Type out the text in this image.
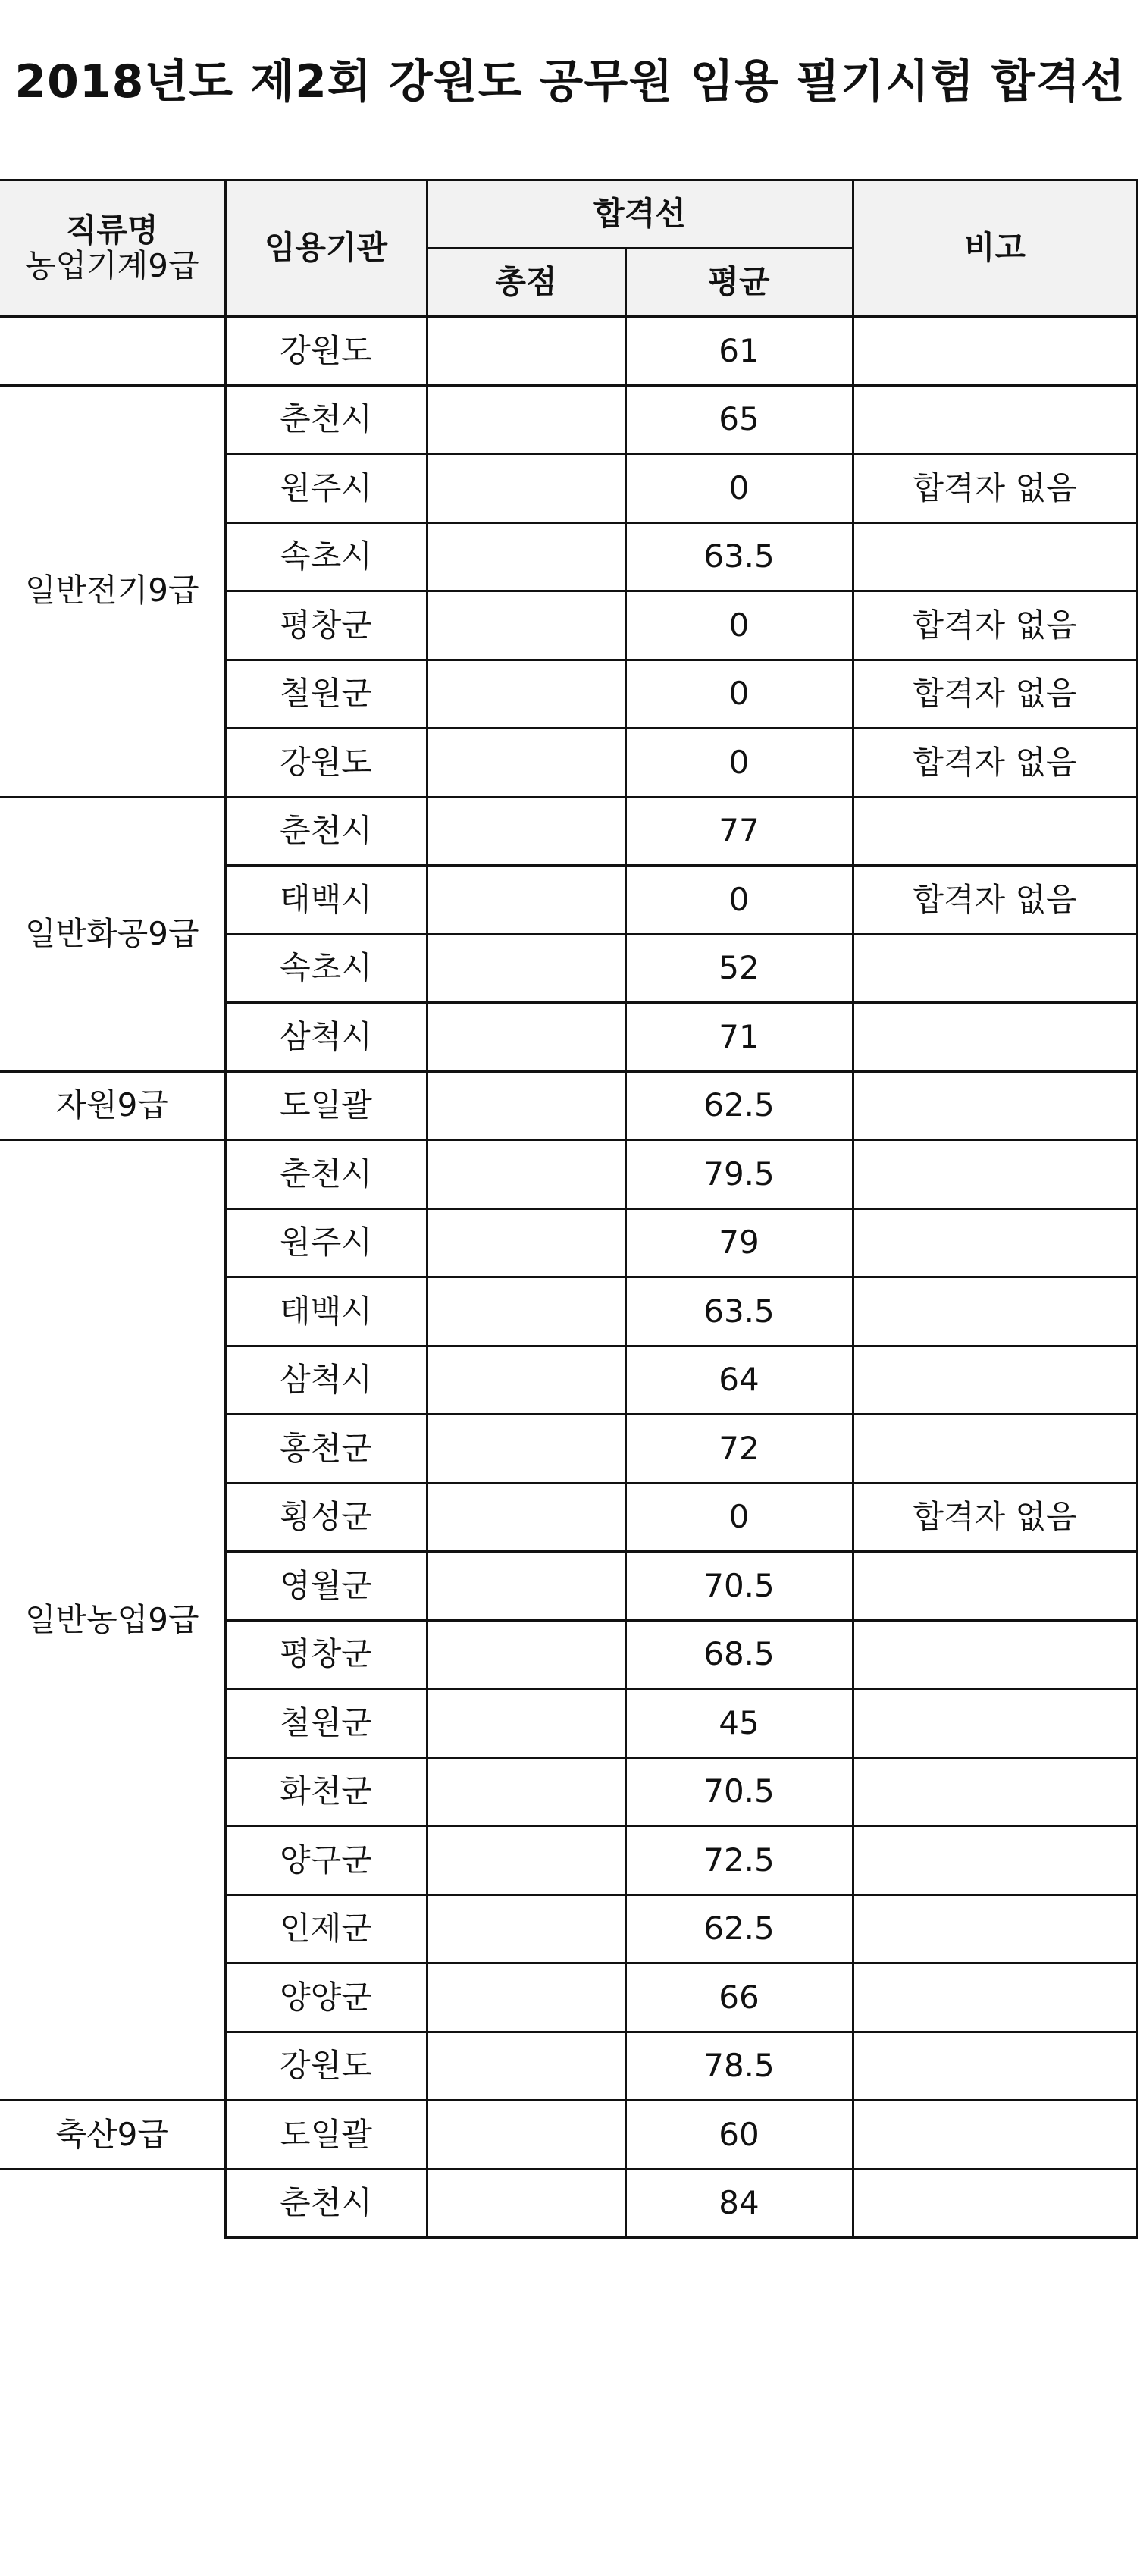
2018년도 제2회 강원도 공무원 임용 필기시험 합격선
직류명
농업기계9급	임용기관	합격선		비고
		총점	평균	
	강원도		61	
일반전기9급	춘천시		65	
	원주시		0	합격자 없음
	속초시		63.5	
	평창군		0	합격자 없음
	철원군		0	합격자 없음
	강원도		0	합격자 없음
일반화공9급	춘천시		77	
	태백시		0	합격자 없음
	속초시		52	
	삼척시		71	
자원9급	도일괄		62.5	
일반농업9급	춘천시		79.5	
	원주시		79	
	태백시		63.5	
	삼척시		64	
	홍천군		72	
	횡성군		0	합격자 없음
	영월군		70.5	
	평창군		68.5	
	철원군		45	
	화천군		70.5	
	양구군		72.5	
	인제군		62.5	
	양양군		66	
	강원도		78.5	
축산9급	도일괄		60	
	춘천시		84	
